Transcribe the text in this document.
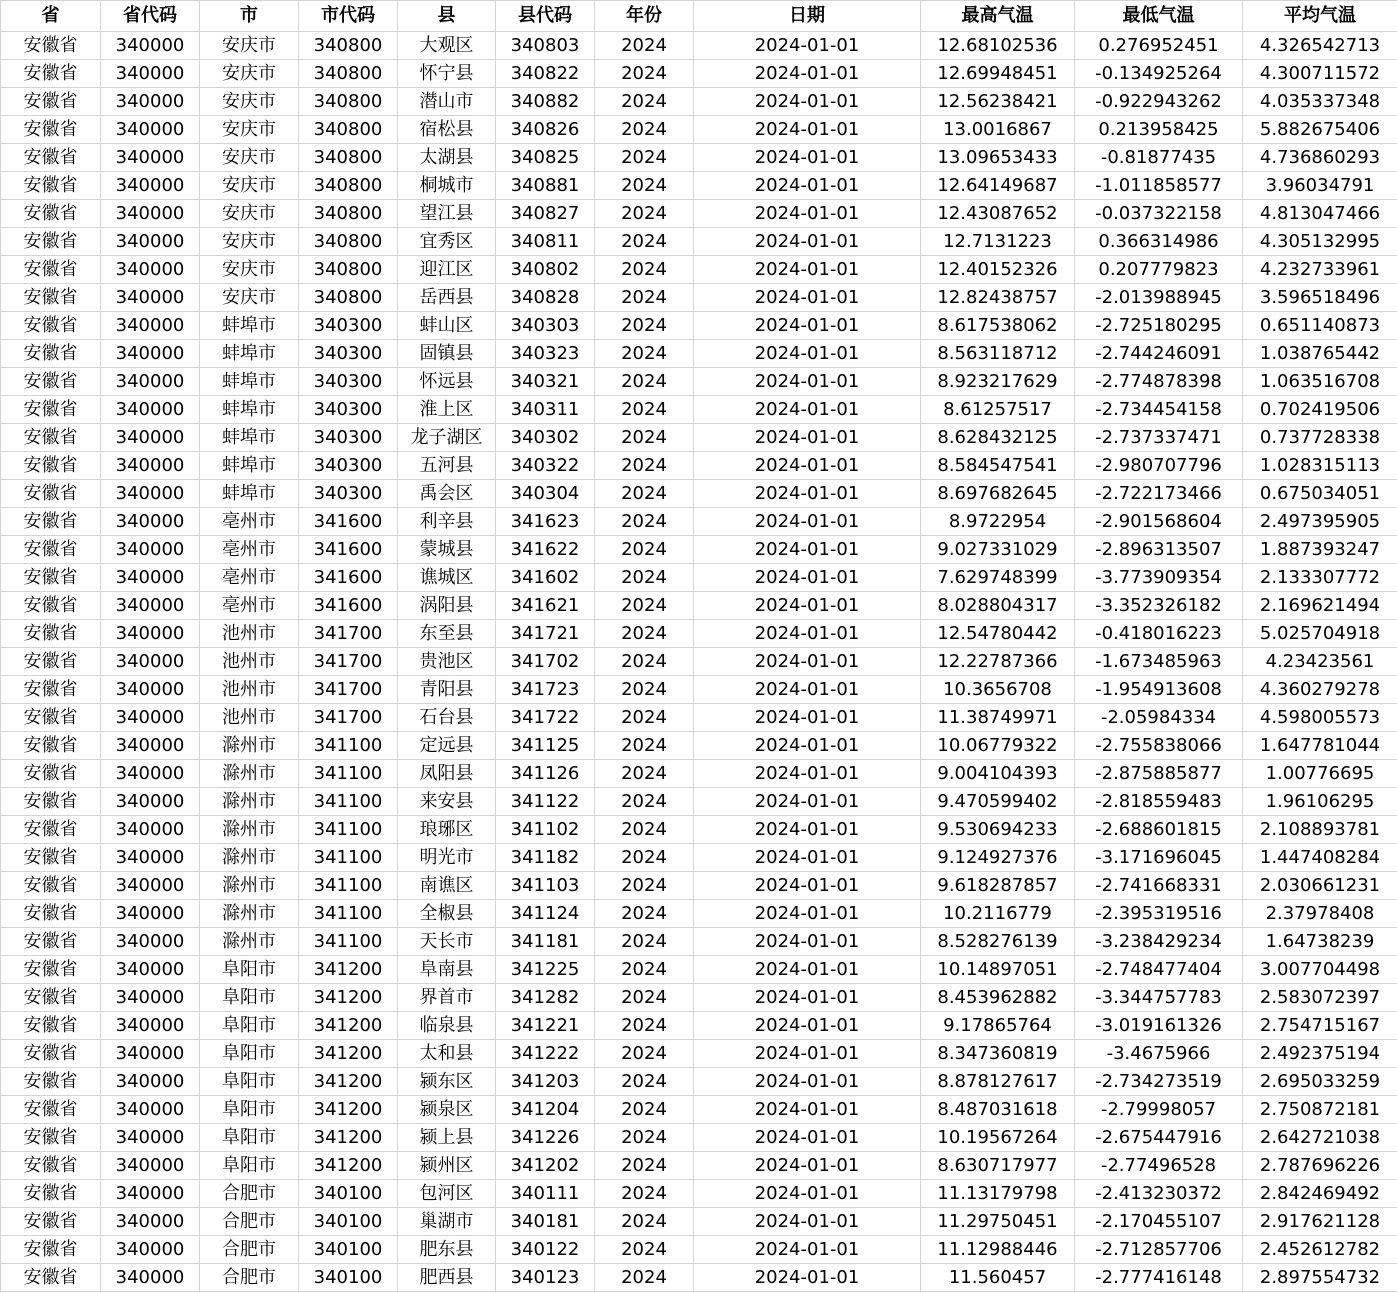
省	省代码	市	市代码	县	县代码	年份	日期	最高气温	最低气温	平均气温
安徽省	340000	安庆市	340800	大观区	340803	2024	2024-01-01	12.68102536	0.276952451	4.326542713
安徽省	340000	安庆市	340800	怀宁县	340822	2024	2024-01-01	12.69948451	-0.134925264	4.300711572
安徽省	340000	安庆市	340800	潜山市	340882	2024	2024-01-01	12.56238421	-0.922943262	4.035337348
安徽省	340000	安庆市	340800	宿松县	340826	2024	2024-01-01	13.0016867	0.213958425	5.882675406
安徽省	340000	安庆市	340800	太湖县	340825	2024	2024-01-01	13.09653433	-0.81877435	4.736860293
安徽省	340000	安庆市	340800	桐城市	340881	2024	2024-01-01	12.64149687	-1.011858577	3.96034791
安徽省	340000	安庆市	340800	望江县	340827	2024	2024-01-01	12.43087652	-0.037322158	4.813047466
安徽省	340000	安庆市	340800	宜秀区	340811	2024	2024-01-01	12.7131223	0.366314986	4.305132995
安徽省	340000	安庆市	340800	迎江区	340802	2024	2024-01-01	12.40152326	0.207779823	4.232733961
安徽省	340000	安庆市	340800	岳西县	340828	2024	2024-01-01	12.82438757	-2.013988945	3.596518496
安徽省	340000	蚌埠市	340300	蚌山区	340303	2024	2024-01-01	8.617538062	-2.725180295	0.651140873
安徽省	340000	蚌埠市	340300	固镇县	340323	2024	2024-01-01	8.563118712	-2.744246091	1.038765442
安徽省	340000	蚌埠市	340300	怀远县	340321	2024	2024-01-01	8.923217629	-2.774878398	1.063516708
安徽省	340000	蚌埠市	340300	淮上区	340311	2024	2024-01-01	8.61257517	-2.734454158	0.702419506
安徽省	340000	蚌埠市	340300	龙子湖区	340302	2024	2024-01-01	8.628432125	-2.737337471	0.737728338
安徽省	340000	蚌埠市	340300	五河县	340322	2024	2024-01-01	8.584547541	-2.980707796	1.028315113
安徽省	340000	蚌埠市	340300	禹会区	340304	2024	2024-01-01	8.697682645	-2.722173466	0.675034051
安徽省	340000	亳州市	341600	利辛县	341623	2024	2024-01-01	8.9722954	-2.901568604	2.497395905
安徽省	340000	亳州市	341600	蒙城县	341622	2024	2024-01-01	9.027331029	-2.896313507	1.887393247
安徽省	340000	亳州市	341600	谯城区	341602	2024	2024-01-01	7.629748399	-3.773909354	2.133307772
安徽省	340000	亳州市	341600	涡阳县	341621	2024	2024-01-01	8.028804317	-3.352326182	2.169621494
安徽省	340000	池州市	341700	东至县	341721	2024	2024-01-01	12.54780442	-0.418016223	5.025704918
安徽省	340000	池州市	341700	贵池区	341702	2024	2024-01-01	12.22787366	-1.673485963	4.23423561
安徽省	340000	池州市	341700	青阳县	341723	2024	2024-01-01	10.3656708	-1.954913608	4.360279278
安徽省	340000	池州市	341700	石台县	341722	2024	2024-01-01	11.38749971	-2.05984334	4.598005573
安徽省	340000	滁州市	341100	定远县	341125	2024	2024-01-01	10.06779322	-2.755838066	1.647781044
安徽省	340000	滁州市	341100	凤阳县	341126	2024	2024-01-01	9.004104393	-2.875885877	1.00776695
安徽省	340000	滁州市	341100	来安县	341122	2024	2024-01-01	9.470599402	-2.818559483	1.96106295
安徽省	340000	滁州市	341100	琅琊区	341102	2024	2024-01-01	9.530694233	-2.688601815	2.108893781
安徽省	340000	滁州市	341100	明光市	341182	2024	2024-01-01	9.124927376	-3.171696045	1.447408284
安徽省	340000	滁州市	341100	南谯区	341103	2024	2024-01-01	9.618287857	-2.741668331	2.030661231
安徽省	340000	滁州市	341100	全椒县	341124	2024	2024-01-01	10.2116779	-2.395319516	2.37978408
安徽省	340000	滁州市	341100	天长市	341181	2024	2024-01-01	8.528276139	-3.238429234	1.64738239
安徽省	340000	阜阳市	341200	阜南县	341225	2024	2024-01-01	10.14897051	-2.748477404	3.007704498
安徽省	340000	阜阳市	341200	界首市	341282	2024	2024-01-01	8.453962882	-3.344757783	2.583072397
安徽省	340000	阜阳市	341200	临泉县	341221	2024	2024-01-01	9.17865764	-3.019161326	2.754715167
安徽省	340000	阜阳市	341200	太和县	341222	2024	2024-01-01	8.347360819	-3.4675966	2.492375194
安徽省	340000	阜阳市	341200	颍东区	341203	2024	2024-01-01	8.878127617	-2.734273519	2.695033259
安徽省	340000	阜阳市	341200	颍泉区	341204	2024	2024-01-01	8.487031618	-2.79998057	2.750872181
安徽省	340000	阜阳市	341200	颍上县	341226	2024	2024-01-01	10.19567264	-2.675447916	2.642721038
安徽省	340000	阜阳市	341200	颍州区	341202	2024	2024-01-01	8.630717977	-2.77496528	2.787696226
安徽省	340000	合肥市	340100	包河区	340111	2024	2024-01-01	11.13179798	-2.413230372	2.842469492
安徽省	340000	合肥市	340100	巢湖市	340181	2024	2024-01-01	11.29750451	-2.170455107	2.917621128
安徽省	340000	合肥市	340100	肥东县	340122	2024	2024-01-01	11.12988446	-2.712857706	2.452612782
安徽省	340000	合肥市	340100	肥西县	340123	2024	2024-01-01	11.560457	-2.777416148	2.897554732
